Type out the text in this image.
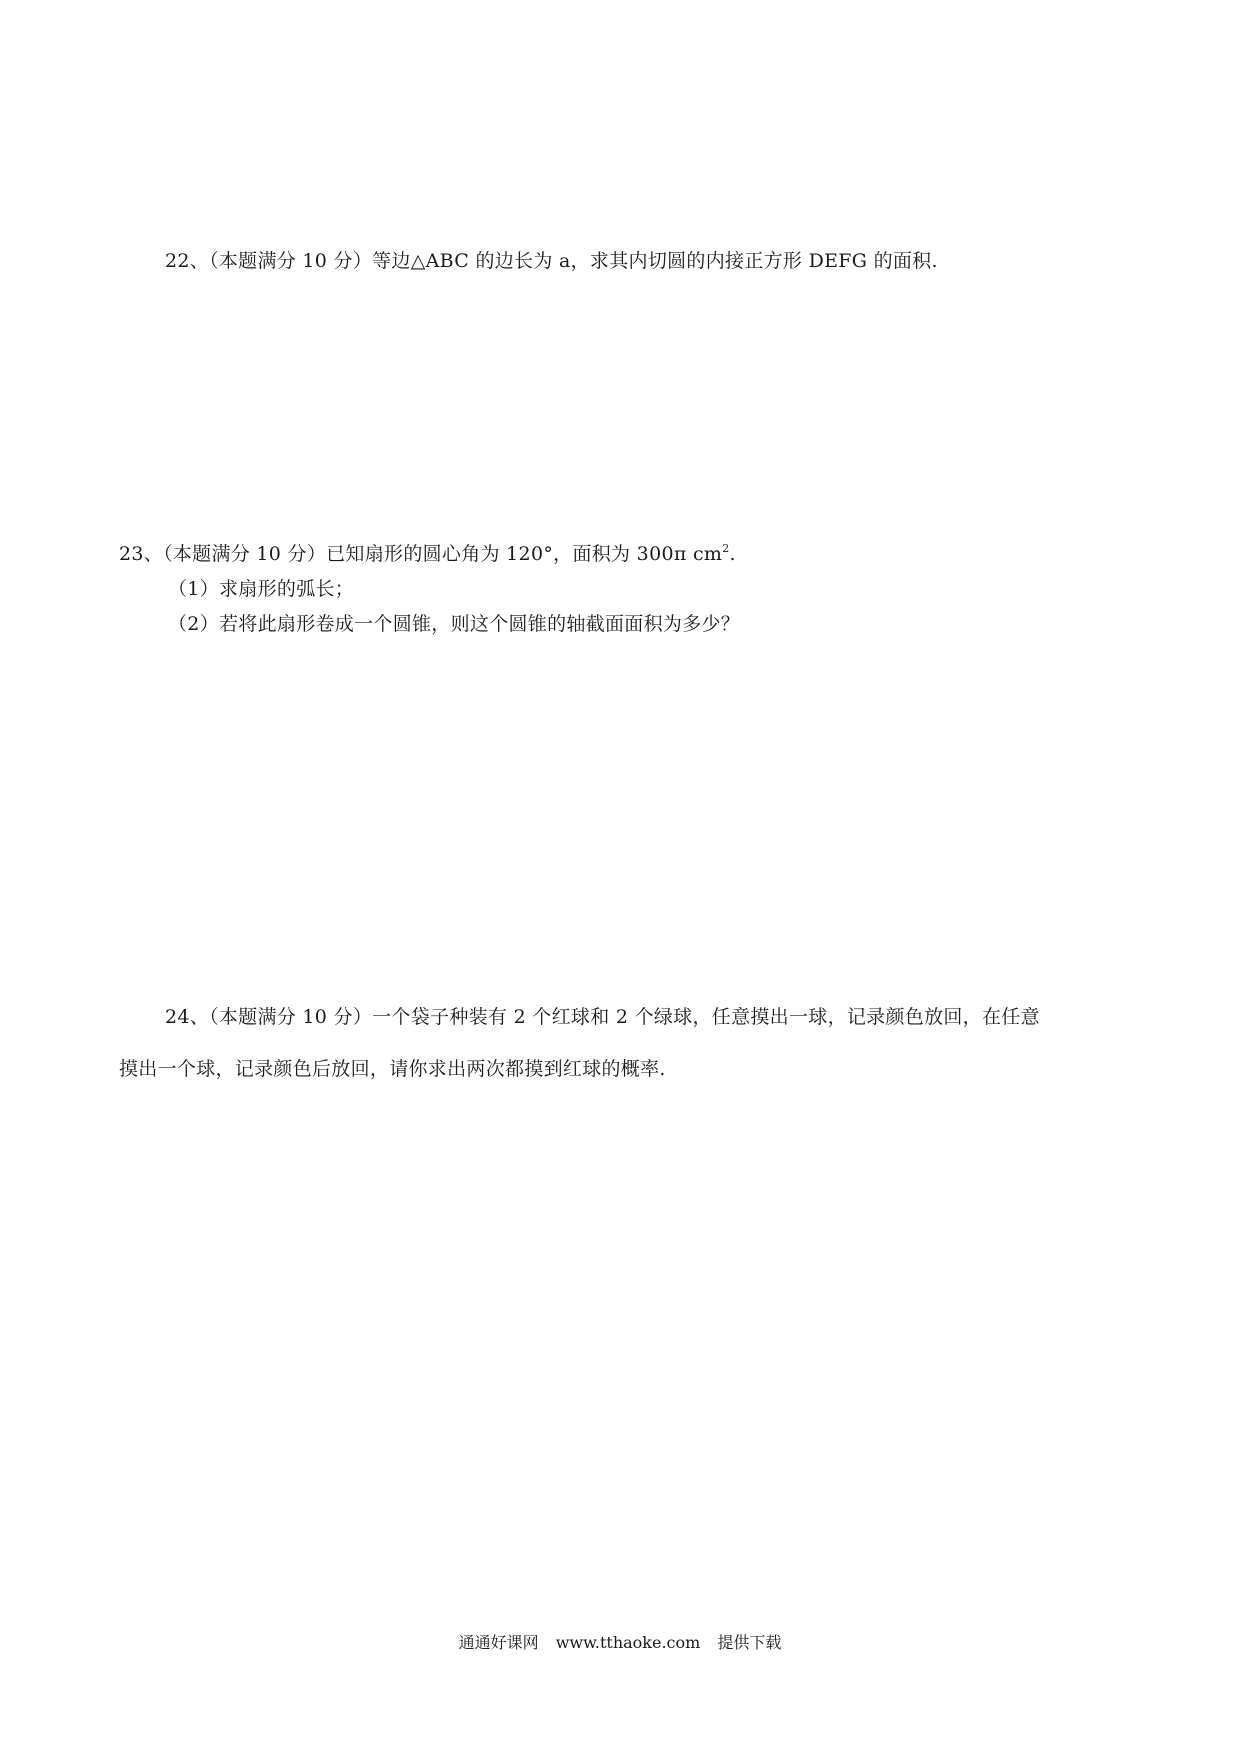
22、（本题满分 10 分）等边△ABC 的边长为 a，求其内切圆的内接正方形 DEFG 的面积.
23、（本题满分 10 分）已知扇形的圆心角为 120°，面积为 300π $cm^2$.
（1）求扇形的弧长；
（2）若将此扇形卷成一个圆锥，则这个圆锥的轴截面面积为多少？
24、（本题满分 10 分）一个袋子种装有 2 个红球和 2 个绿球，任意摸出一球，记录颜色放回，在任意
摸出一个球，记录颜色后放回，请你求出两次都摸到红球的概率.
通通好课网 www.tthaoke.com 提供下载
